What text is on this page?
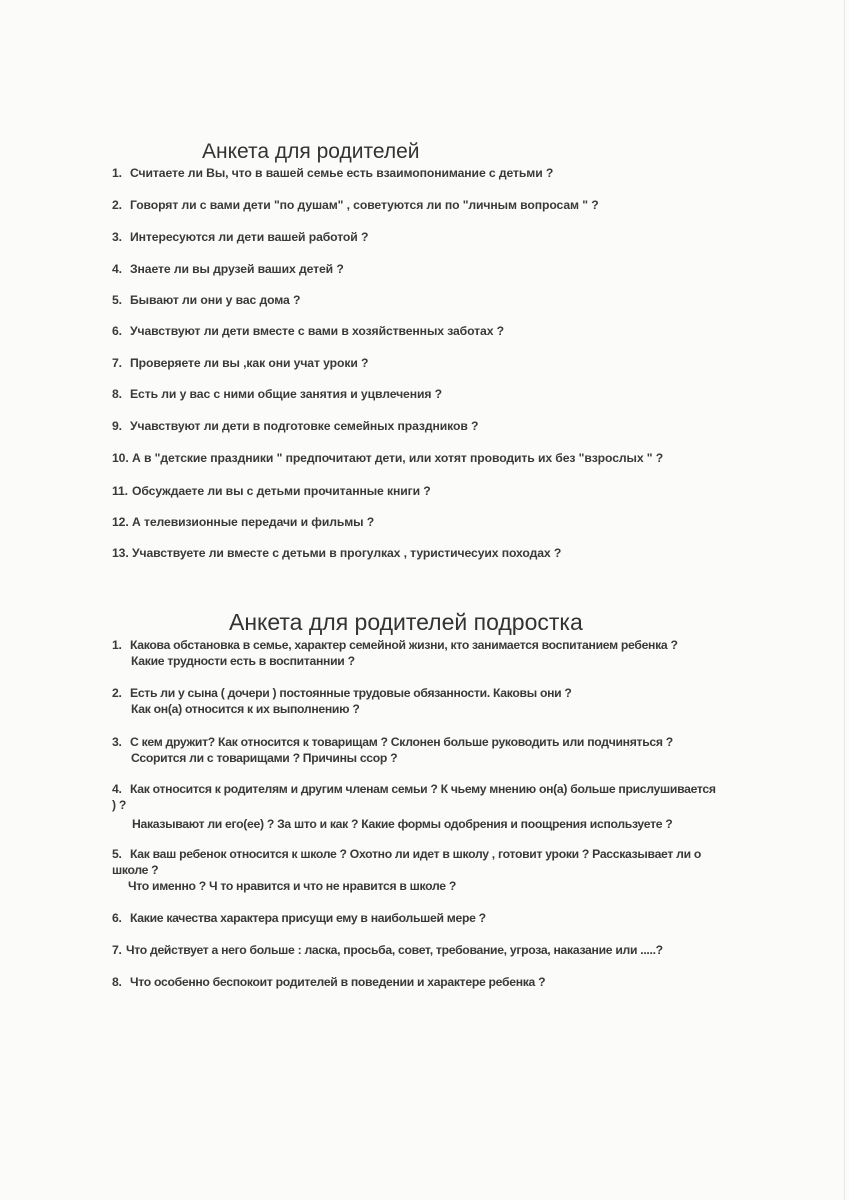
Анкета для родителей
1. Считаете ли Вы, что в вашей семье есть взаимопонимание с детьми ?
2. Говорят ли с вами дети "по душам" , советуются ли по "личным вопросам " ?
3. Интересуются ли дети вашей работой ?
4. Знаете ли вы друзей ваших детей ?
5. Бывают ли они у вас дома ?
6. Учавствуют ли дети вместе с вами в хозяйственных заботах ?
7. Проверяете ли вы ,как они учат уроки ?
8. Есть ли у вас с ними общие занятия и уцвлечения ?
9. Учавствуют ли дети в подготовке семейных праздников ?
10. А в "детские праздники " предпочитают дети, или хотят проводить их без "взрослых " ?
11. Обсуждаете ли вы с детьми прочитанные книги ?
12. А телевизионные передачи и фильмы ?
13. Учавствуете ли вместе с детьми в прогулках , туристичесуих походах ?
Анкета для родителей подростка
1. Какова обстановка в семье, характер семейной жизни, кто занимается воспитанием ребенка ?
Какие трудности есть в воспитаннии ?
2. Есть ли у сына ( дочери ) постоянные трудовые обязанности. Каковы они ?
Как он(а) относится к их выполнению ?
3. С кем дружит? Как относится к товарищам ? Склонен больше руководить или подчиняться ?
Ссорится ли с товарищами ? Причины ссор ?
4. Как относится к родителям и другим членам семьи ? К чьему мнению он(а) больше прислушивается
) ?
Наказывают ли его(ее) ? За што и как ? Какие формы одобрения и поощрения используете ?
5. Как ваш ребенок относится к школе ? Охотно ли идет в школу , готовит уроки ? Рассказывает ли о
школе ?
Что именно ? Ч то нравится и что не нравится в школе ?
6. Какие качества характера присущи ему в наибольшей мере ?
7. Что действует а него больше : ласка, просьба, совет, требование, угроза, наказание или .....?
8. Что особенно беспокоит родителей в поведении и характере ребенка ?
